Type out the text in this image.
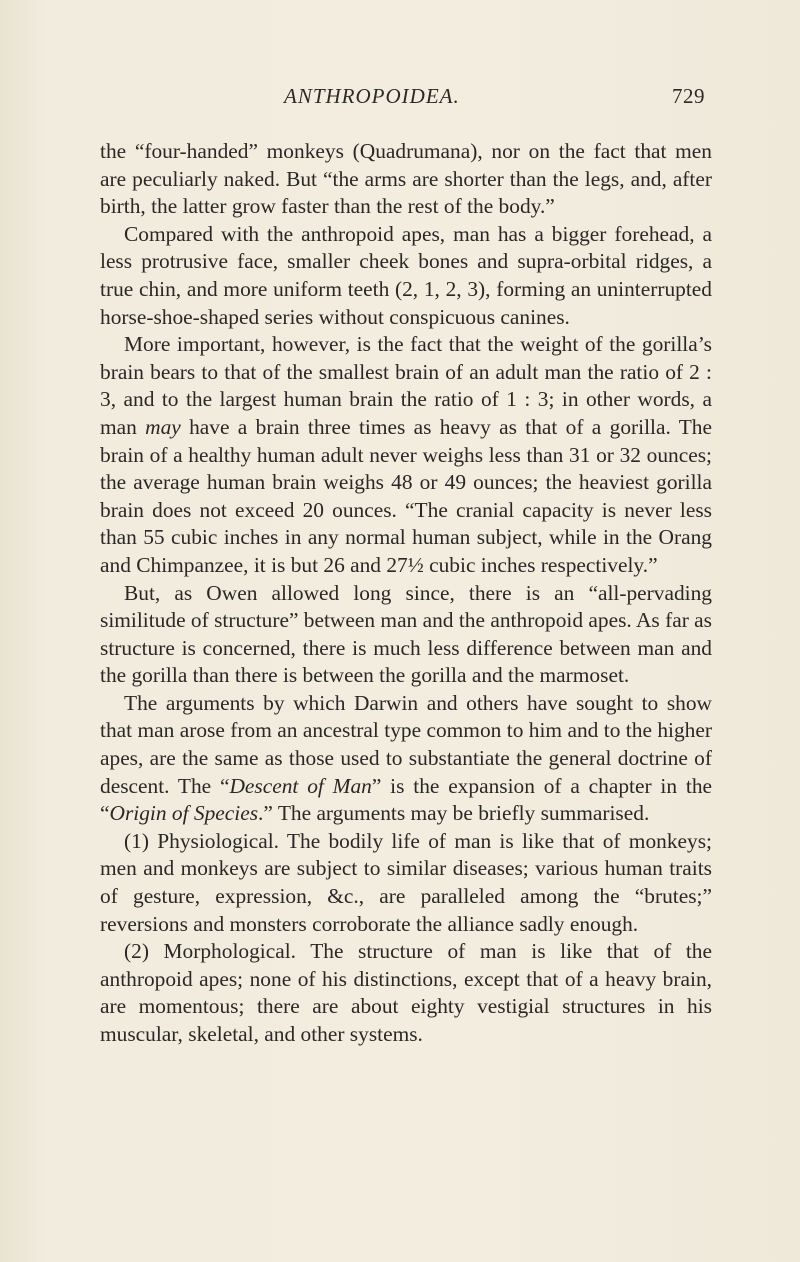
ANTHROPOIDEA.	729

the “four-handed” monkeys (Quadrumana), nor on the fact that men are peculiarly naked. But “the arms are shorter than the legs, and, after birth, the latter grow faster than the rest of the body.”

Compared with the anthropoid apes, man has a bigger forehead, a less protrusive face, smaller cheek bones and supra-orbital ridges, a true chin, and more uniform teeth (2, 1, 2, 3), forming an uninterrupted horse-shoe-shaped series without conspicuous canines.

More important, however, is the fact that the weight of the gorilla’s brain bears to that of the smallest brain of an adult man the ratio of 2 : 3, and to the largest human brain the ratio of 1 : 3; in other words, a man may have a brain three times as heavy as that of a gorilla. The brain of a healthy human adult never weighs less than 31 or 32 ounces; the average human brain weighs 48 or 49 ounces; the heaviest gorilla brain does not exceed 20 ounces. “The cranial capacity is never less than 55 cubic inches in any normal human subject, while in the Orang and Chimpanzee, it is but 26 and 27½ cubic inches respectively.”

But, as Owen allowed long since, there is an “all-pervading similitude of structure” between man and the anthropoid apes. As far as structure is concerned, there is much less difference between man and the gorilla than there is between the gorilla and the marmoset.

The arguments by which Darwin and others have sought to show that man arose from an ancestral type common to him and to the higher apes, are the same as those used to substantiate the general doctrine of descent. The “Descent of Man” is the expansion of a chapter in the “Origin of Species.” The arguments may be briefly summarised.

(1) Physiological. The bodily life of man is like that of monkeys; men and monkeys are subject to similar diseases; various human traits of gesture, expression, &c., are paralleled among the “brutes;” reversions and monsters corroborate the alliance sadly enough.

(2) Morphological. The structure of man is like that of the anthropoid apes; none of his distinctions, except that of a heavy brain, are momentous; there are about eighty vestigial structures in his muscular, skeletal, and other systems.
